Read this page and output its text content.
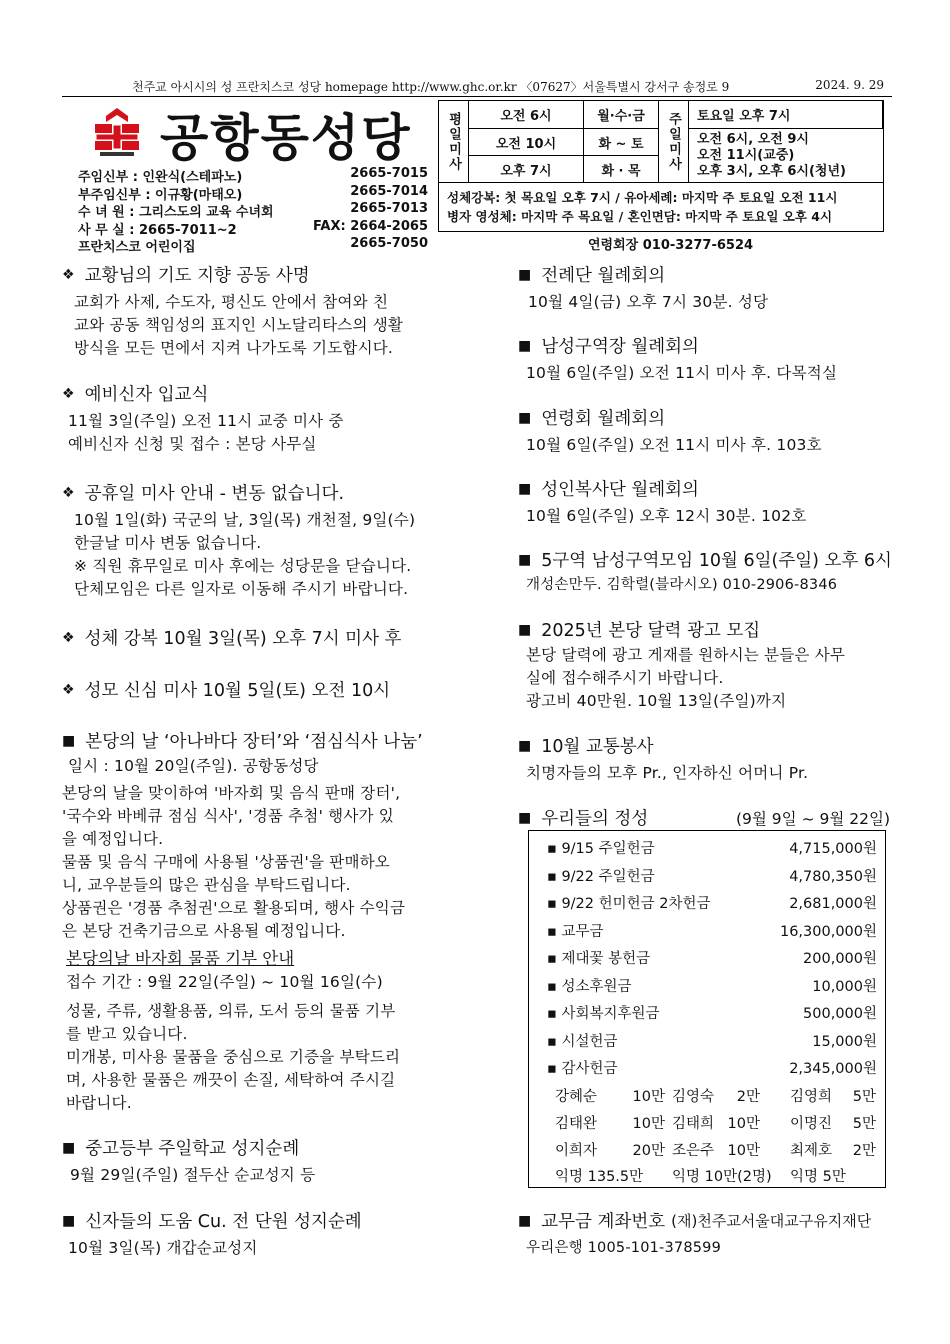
천주교 아시시의 성 프란치스코 성당 homepage http://www.ghc.or.kr 〈07627〉서울특별시 강서구 송정로 9	2024. 9. 29
공항동성당
주임신부 : 인완식(스테파노)	2665-7015
부주임신부 : 이규황(마태오)	2665-7014
수 녀 원 : 그리스도의 교육 수녀회	2665-7013
사 무 실 : 2665-7011~2	FAX: 2664-2065
프란치스코 어린이집	2665-7050
평일미사	오전 6시	월·수·금
오전 10시	화 ~ 토
오후 7시	화 · 목	주일미사	토요일 오후 7시
오전 6시, 오전 9시
오전 11시(교중)
오후 3시, 오후 6시(청년)
성체강복: 첫 목요일 오후 7시 / 유아세례: 마지막 주 토요일 오전 11시
병자 영성체: 마지막 주 목요일 / 혼인면담: 마지막 주 토요일 오후 4시
연령회장 010-3277-6524
❖ 교황님의 기도 지향 공동 사명
교회가 사제, 수도자, 평신도 안에서 참여와 친
교와 공동 책임성의 표지인 시노달리타스의 생활
방식을 모든 면에서 지켜 나가도록 기도합시다.
❖ 예비신자 입교식
11월 3일(주일) 오전 11시 교중 미사 중
예비신자 신청 및 접수 : 본당 사무실
❖ 공휴일 미사 안내 - 변동 없습니다.
10월 1일(화) 국군의 날, 3일(목) 개천절, 9일(수)
한글날 미사 변동 없습니다.
※ 직원 휴무일로 미사 후에는 성당문을 닫습니다.
단체모임은 다른 일자로 이동해 주시기 바랍니다.
❖ 성체 강복 10월 3일(목) 오후 7시 미사 후
❖ 성모 신심 미사 10월 5일(토) 오전 10시
■ 본당의 날 ‘아나바다 장터’와 ‘점심식사 나눔’
일시 : 10월 20일(주일). 공항동성당
본당의 날을 맞이하여 '바자회 및 음식 판매 장터',
'국수와 바베큐 점심 식사', '경품 추첨' 행사가 있
을 예정입니다.
물품 및 음식 구매에 사용될 '상품권'을 판매하오
니, 교우분들의 많은 관심을 부탁드립니다.
상품권은 '경품 추첨권'으로 활용되며, 행사 수익금
은 본당 건축기금으로 사용될 예정입니다.
본당의날 바자회 물품 기부 안내
접수 기간 : 9월 22일(주일) ~ 10월 16일(수)
성물, 주류, 생활용품, 의류, 도서 등의 물품 기부
를 받고 있습니다.
미개봉, 미사용 물품을 중심으로 기증을 부탁드리
며, 사용한 물품은 깨끗이 손질, 세탁하여 주시길
바랍니다.
■ 중고등부 주일학교 성지순례
9월 29일(주일) 절두산 순교성지 등
■ 신자들의 도움 Cu. 전 단원 성지순례
10월 3일(목) 개갑순교성지
■ 전례단 월례회의
10월 4일(금) 오후 7시 30분. 성당
■ 남성구역장 월례회의
10월 6일(주일) 오전 11시 미사 후. 다목적실
■ 연령회 월례회의
10월 6일(주일) 오전 11시 미사 후. 103호
■ 성인복사단 월례회의
10월 6일(주일) 오후 12시 30분. 102호
■ 5구역 남성구역모임 10월 6일(주일) 오후 6시
개성손만두. 김학렬(블라시오) 010-2906-8346
■ 2025년 본당 달력 광고 모집
본당 달력에 광고 게재를 원하시는 분들은 사무
실에 접수해주시기 바랍니다.
광고비 40만원. 10월 13일(주일)까지
■ 10월 교통봉사
치명자들의 모후 Pr., 인자하신 어머니 Pr.
■ 우리들의 정성	(9월 9일 ~ 9월 22일)
▪ 9/15 주일헌금	4,715,000원
▪ 9/22 주일헌금	4,780,350원
▪ 9/22 헌미헌금 2차헌금	2,681,000원
▪ 교무금	16,300,000원
▪ 제대꽃 봉헌금	200,000원
▪ 성소후원금	10,000원
▪ 사회복지후원금	500,000원
▪ 시설헌금	15,000원
▪ 감사헌금	2,345,000원
강혜순 10만 김영숙 2만 김영희 5만
김태완 10만 김태희 10만 이명진 5만
이희자 20만 조은주 10만 최제호 2만
익명 135.5만 익명 10만(2명) 익명 5만
■ 교무금 계좌번호 (재)천주교서울대교구유지재단
우리은행 1005-101-378599
